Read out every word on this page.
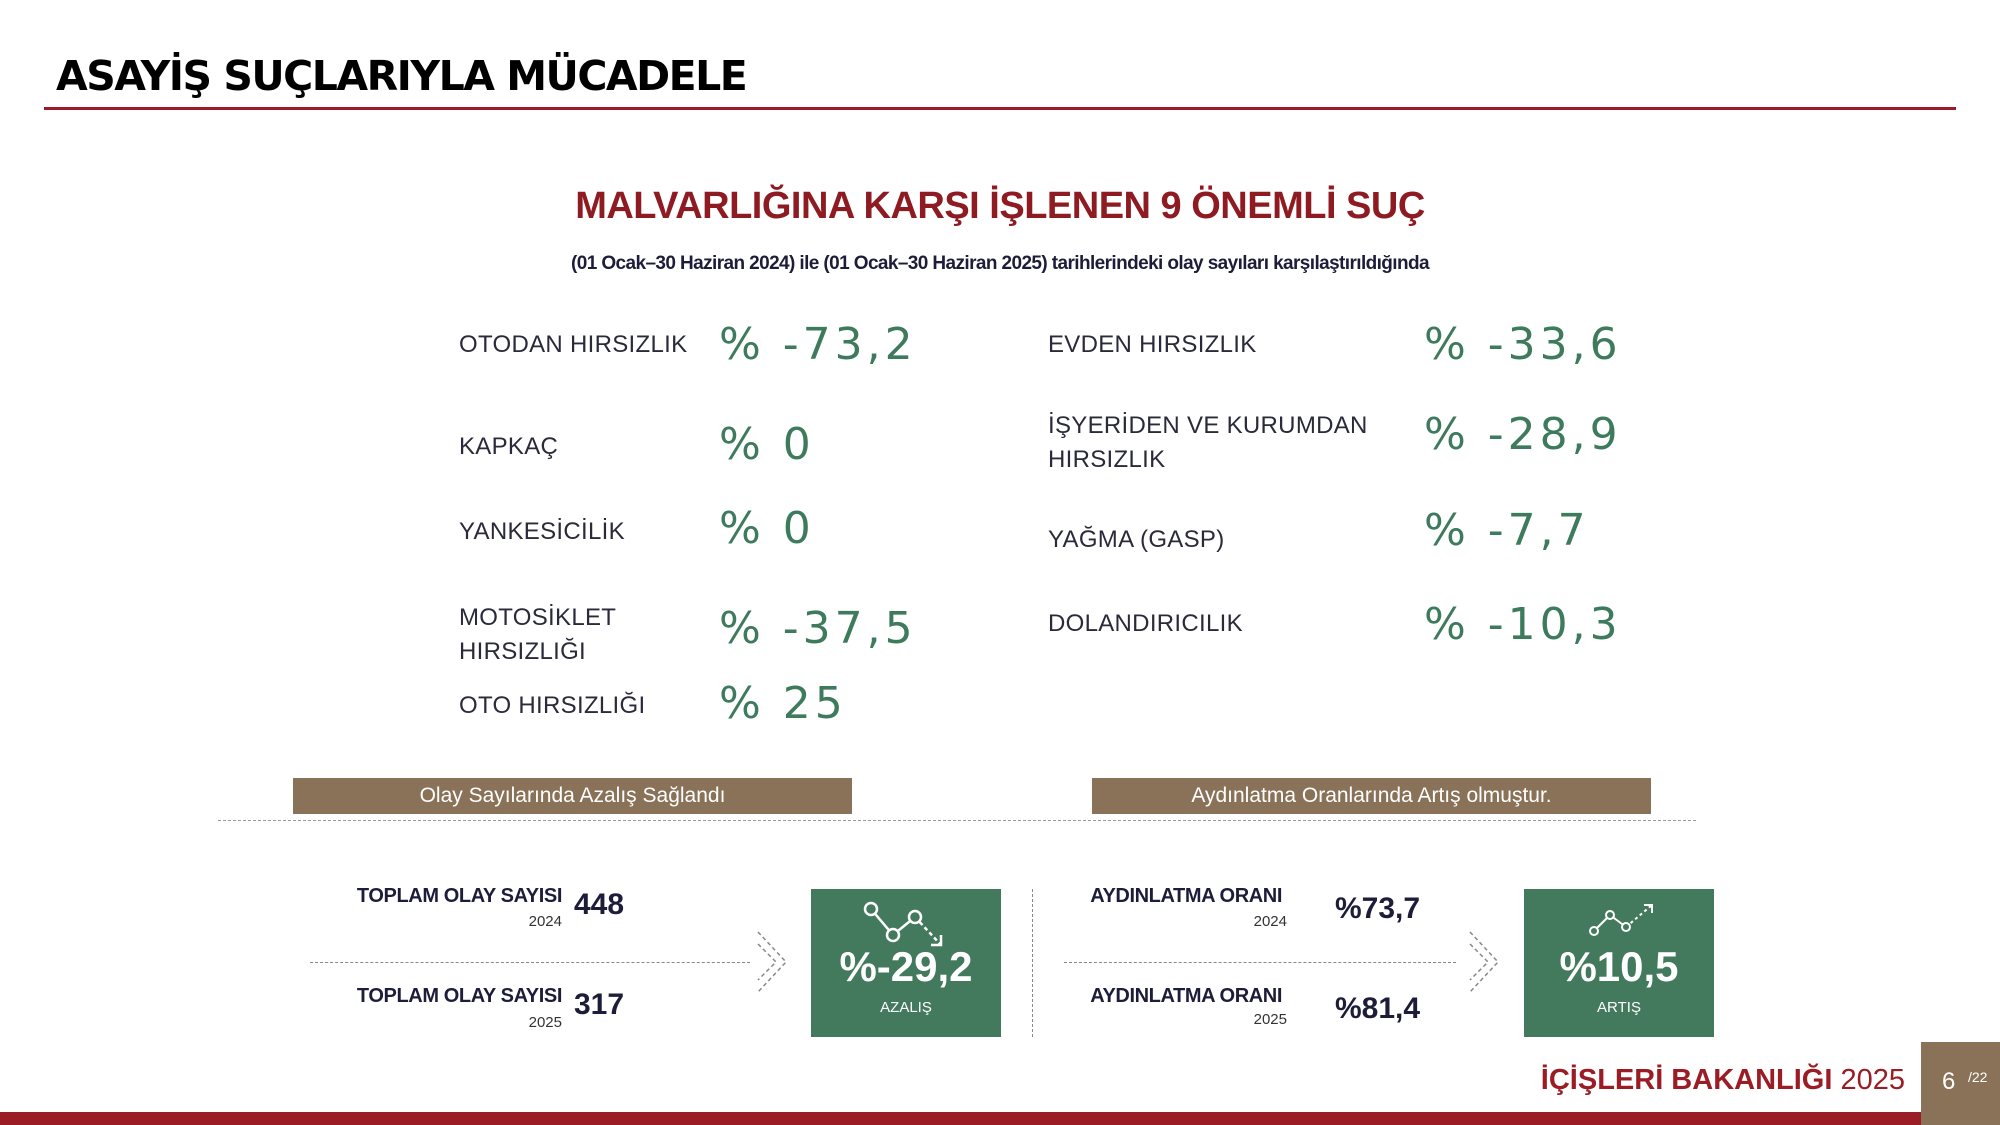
ASAYİŞ SUÇLARIYLA MÜCADELE
MALVARLIĞINA KARŞI İŞLENEN 9 ÖNEMLİ SUÇ
(01 Ocak–30 Haziran 2024) ile (01 Ocak–30 Haziran 2025) tarihlerindeki olay sayıları karşılaştırıldığında
OTODAN HIRSIZLIK % -73,2
KAPKAÇ	% 0
YANKESİCİLİK	% 0
MOTOSİKLET HIRSIZLIĞI	% -37,5
OTO HIRSIZLIĞI	% 25
EVDEN HIRSIZLIK	% -33,6
İŞYERİDEN VE KURUMDAN HIRSIZLIK	% -28,9
YAĞMA (GASP)	% -7,7
DOLANDIRICILIK	% -10,3
Olay Sayılarında Azalış Sağlandı	Aydınlatma Oranlarında Artış olmuştur.
TOPLAM OLAY SAYISI
2024
448
TOPLAM OLAY SAYISI
2025
317
%-29,2
AZALIŞ
AYDINLATMA ORANI
2024 %73,7
AYDINLATMA ORANI
2025 %81,4
%10,5
ARTIŞ
İÇİŞLERİ BAKANLIĞI 2025 6 /22
